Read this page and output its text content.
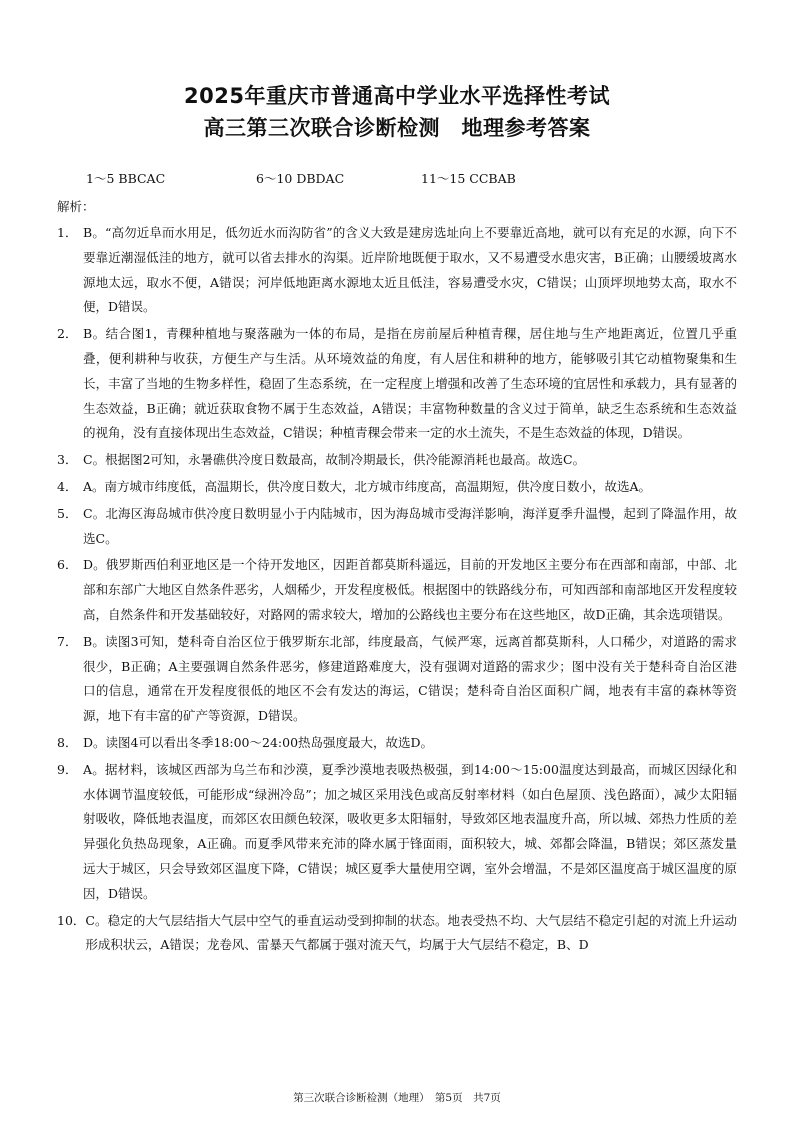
2025年重庆市普通高中学业水平选择性考试
高三第三次联合诊断检测　地理参考答案
1～5 BBCAC	6～10 DBDAC	11～15 CCBAB
解析：
1． B。“高勿近阜而水用足，低勿近水而沟防省”的含义大致是建房选址向上不要靠近高地，就可以有充足的水源，向下不要靠近潮湿低洼的地方，就可以省去排水的沟渠。近岸阶地既便于取水，又不易遭受水患灾害，B正确；山腰缓坡离水源地太远，取水不便，A错误；河岸低地距离水源地太近且低洼，容易遭受水灾，C错误；山顶坪坝地势太高，取水不便，D错误。
2． B。结合图1，青稞种植地与聚落融为一体的布局，是指在房前屋后种植青稞，居住地与生产地距离近，位置几乎重叠，便利耕种与收获，方便生产与生活。从环境效益的角度，有人居住和耕种的地方，能够吸引其它动植物聚集和生长，丰富了当地的生物多样性，稳固了生态系统，在一定程度上增强和改善了生态环境的宜居性和承载力，具有显著的生态效益，B正确；就近获取食物不属于生态效益，A错误；丰富物种数量的含义过于简单，缺乏生态系统和生态效益的视角，没有直接体现出生态效益，C错误；种植青稞会带来一定的水土流失，不是生态效益的体现，D错误。
3． C。根据图2可知，永暑礁供冷度日数最高，故制冷期最长，供冷能源消耗也最高。故选C。
4． A。南方城市纬度低，高温期长，供冷度日数大，北方城市纬度高，高温期短，供冷度日数小，故选A。
5． C。北海区海岛城市供冷度日数明显小于内陆城市，因为海岛城市受海洋影响，海洋夏季升温慢，起到了降温作用，故选C。
6． D。俄罗斯西伯利亚地区是一个待开发地区，因距首都莫斯科遥远，目前的开发地区主要分布在西部和南部，中部、北部和东部广大地区自然条件恶劣，人烟稀少，开发程度极低。根据图中的铁路线分布，可知西部和南部地区开发程度较高，自然条件和开发基础较好，对路网的需求较大，增加的公路线也主要分布在这些地区，故D正确，其余选项错误。
7． B。读图3可知，楚科奇自治区位于俄罗斯东北部，纬度最高，气候严寒，远离首都莫斯科，人口稀少，对道路的需求很少，B正确；A主要强调自然条件恶劣，修建道路难度大，没有强调对道路的需求少；图中没有关于楚科奇自治区港口的信息，通常在开发程度很低的地区不会有发达的海运，C错误；楚科奇自治区面积广阔，地表有丰富的森林等资源，地下有丰富的矿产等资源，D错误。
8． D。读图4可以看出冬季18:00～24:00热岛强度最大，故选D。
9． A。据材料，该城区西部为乌兰布和沙漠，夏季沙漠地表吸热极强，到14:00～15:00温度达到最高，而城区因绿化和水体调节温度较低，可能形成“绿洲冷岛”；加之城区采用浅色或高反射率材料（如白色屋顶、浅色路面），减少太阳辐射吸收，降低地表温度，而郊区农田颜色较深，吸收更多太阳辐射，导致郊区地表温度升高，所以城、郊热力性质的差异强化负热岛现象，A正确。而夏季风带来充沛的降水属于锋面雨，面积较大，城、郊都会降温，B错误；郊区蒸发量远大于城区，只会导致郊区温度下降，C错误；城区夏季大量使用空调，室外会增温，不是郊区温度高于城区温度的原因，D错误。
10． C。稳定的大气层结指大气层中空气的垂直运动受到抑制的状态。地表受热不均、大气层结不稳定引起的对流上升运动形成积状云，A错误；龙卷风、雷暴天气都属于强对流天气，均属于大气层结不稳定，B、D
第三次联合诊断检测（地理）　第5页　共7页
